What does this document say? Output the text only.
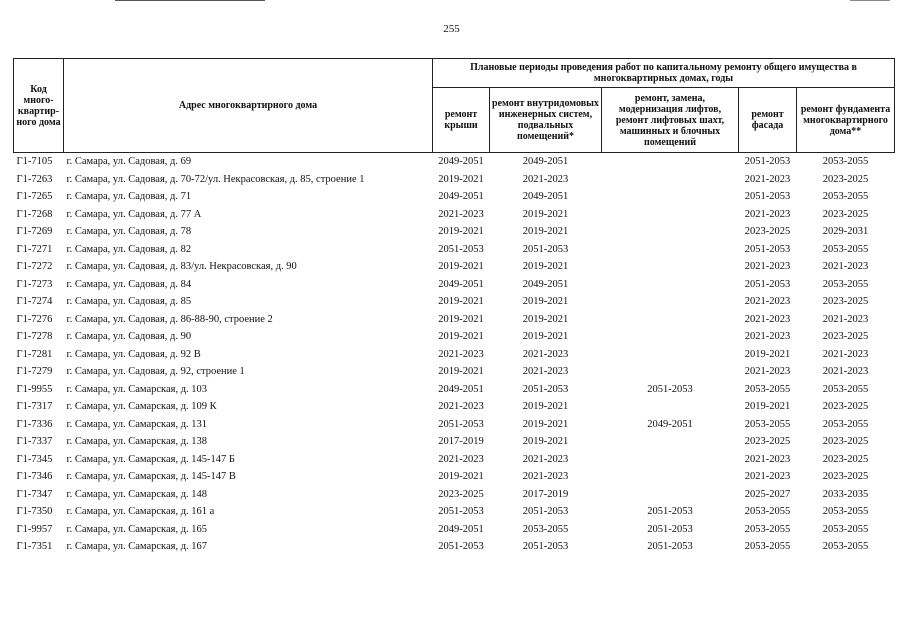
255
Код много-квартир-ного дома	Адрес многоквартирного дома	Плановые периоды проведения работ по капитальному ремонту общего имущества в многоквартирных домах, годы				
		ремонт крыши	ремонт внутридомовых инженерных систем, подвальных помещений*	ремонт, замена, модернизация лифтов, ремонт лифтовых шахт, машинных и блочных помещений	ремонт фасада	ремонт фундамента многоквартирного дома**
Г1-7105	г. Самара, ул. Садовая, д. 69	2049-2051	2049-2051		2051-2053	2053-2055
Г1-7263	г. Самара, ул. Садовая, д. 70-72/ул. Некрасовская, д. 85, строение 1	2019-2021	2021-2023		2021-2023	2023-2025
Г1-7265	г. Самара, ул. Садовая, д. 71	2049-2051	2049-2051		2051-2053	2053-2055
Г1-7268	г. Самара, ул. Садовая, д. 77 А	2021-2023	2019-2021		2021-2023	2023-2025
Г1-7269	г. Самара, ул. Садовая, д. 78	2019-2021	2019-2021		2023-2025	2029-2031
Г1-7271	г. Самара, ул. Садовая, д. 82	2051-2053	2051-2053		2051-2053	2053-2055
Г1-7272	г. Самара, ул. Садовая, д. 83/ул. Некрасовская, д. 90	2019-2021	2019-2021		2021-2023	2021-2023
Г1-7273	г. Самара, ул. Садовая, д. 84	2049-2051	2049-2051		2051-2053	2053-2055
Г1-7274	г. Самара, ул. Садовая, д. 85	2019-2021	2019-2021		2021-2023	2023-2025
Г1-7276	г. Самара, ул. Садовая, д. 86-88-90, строение 2	2019-2021	2019-2021		2021-2023	2021-2023
Г1-7278	г. Самара, ул. Садовая, д. 90	2019-2021	2019-2021		2021-2023	2023-2025
Г1-7281	г. Самара, ул. Садовая, д. 92 В	2021-2023	2021-2023		2019-2021	2021-2023
Г1-7279	г. Самара, ул. Садовая, д. 92, строение 1	2019-2021	2021-2023		2021-2023	2021-2023
Г1-9955	г. Самара, ул. Самарская, д. 103	2049-2051	2051-2053	2051-2053	2053-2055	2053-2055
Г1-7317	г. Самара, ул. Самарская, д. 109 К	2021-2023	2019-2021		2019-2021	2023-2025
Г1-7336	г. Самара, ул. Самарская, д. 131	2051-2053	2019-2021	2049-2051	2053-2055	2053-2055
Г1-7337	г. Самара, ул. Самарская, д. 138	2017-2019	2019-2021		2023-2025	2023-2025
Г1-7345	г. Самара, ул. Самарская, д. 145-147 Б	2021-2023	2021-2023		2021-2023	2023-2025
Г1-7346	г. Самара, ул. Самарская, д. 145-147 В	2019-2021	2021-2023		2021-2023	2023-2025
Г1-7347	г. Самара, ул. Самарская, д. 148	2023-2025	2017-2019		2025-2027	2033-2035
Г1-7350	г. Самара, ул. Самарская, д. 161 а	2051-2053	2051-2053	2051-2053	2053-2055	2053-2055
Г1-9957	г. Самара, ул. Самарская, д. 165	2049-2051	2053-2055	2051-2053	2053-2055	2053-2055
Г1-7351	г. Самара, ул. Самарская, д. 167	2051-2053	2051-2053	2051-2053	2053-2055	2053-2055
